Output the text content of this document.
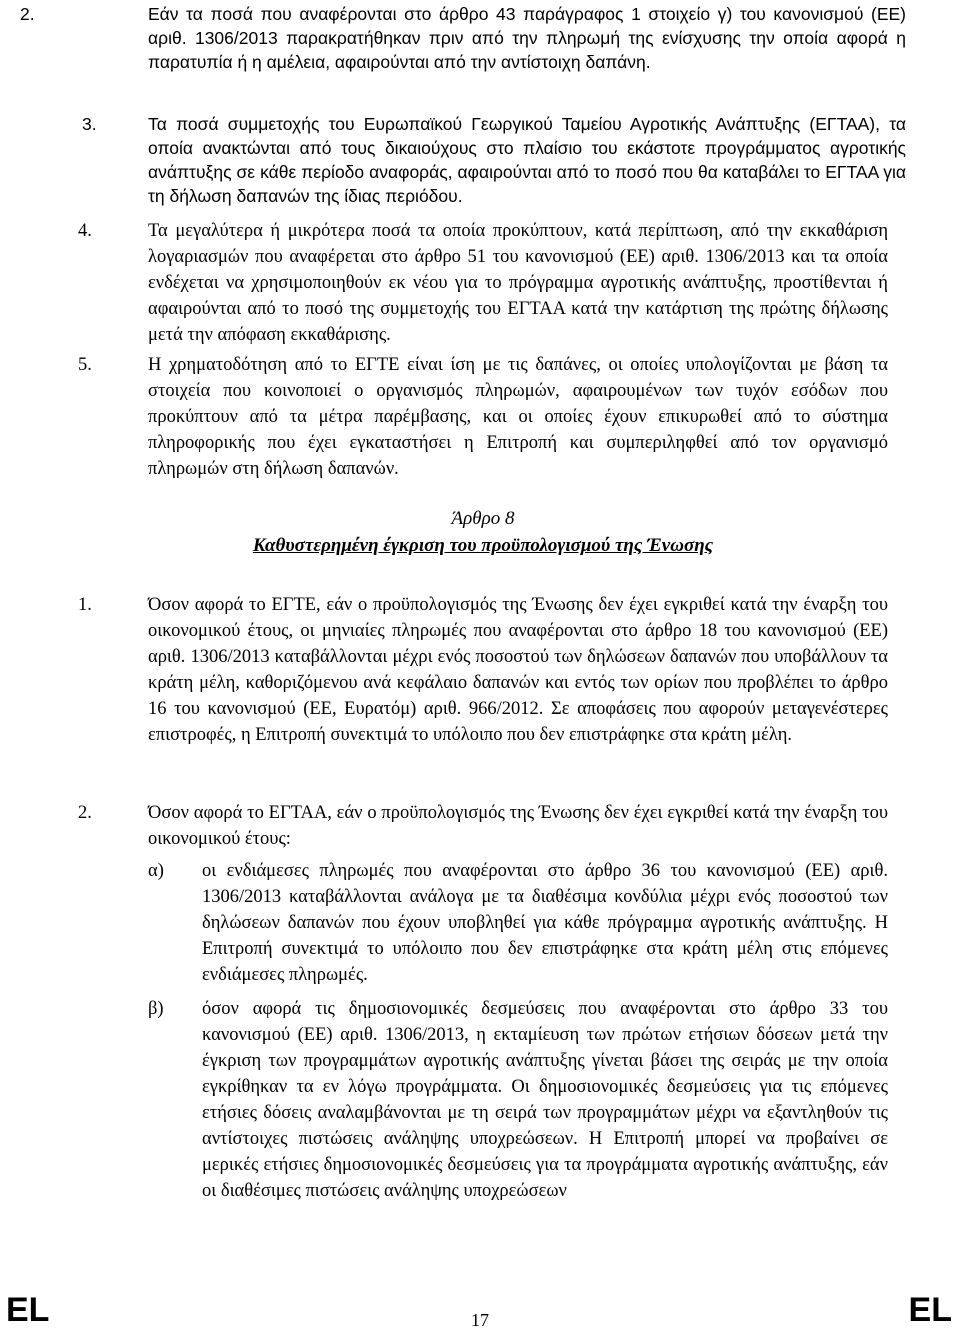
2.	Εάν τα ποσά που αναφέρονται στο άρθρο 43 παράγραφος 1 στοιχείο γ) του κανονισμού (ΕΕ) αριθ. 1306/2013 παρακρατήθηκαν πριν από την πληρωμή της ενίσχυσης την οποία αφορά η παρατυπία ή η αμέλεια, αφαιρούνται από την αντίστοιχη δαπάνη.
3.	Τα ποσά συμμετοχής του Ευρωπαϊκού Γεωργικού Ταμείου Αγροτικής Ανάπτυξης (ΕΓΤΑΑ), τα οποία ανακτώνται από τους δικαιούχους στο πλαίσιο του εκάστοτε προγράμματος αγροτικής ανάπτυξης σε κάθε περίοδο αναφοράς, αφαιρούνται από το ποσό που θα καταβάλει το ΕΓΤΑΑ για τη δήλωση δαπανών της ίδιας περιόδου.
4.	Τα μεγαλύτερα ή μικρότερα ποσά τα οποία προκύπτουν, κατά περίπτωση, από την εκκαθάριση λογαριασμών που αναφέρεται στο άρθρο 51 του κανονισμού (ΕΕ) αριθ. 1306/2013 και τα οποία ενδέχεται να χρησιμοποιηθούν εκ νέου για το πρόγραμμα αγροτικής ανάπτυξης, προστίθενται ή αφαιρούνται από το ποσό της συμμετοχής του ΕΓΤΑΑ κατά την κατάρτιση της πρώτης δήλωσης μετά την απόφαση εκκαθάρισης.
5.	Η χρηματοδότηση από το ΕΓΤΕ είναι ίση με τις δαπάνες, οι οποίες υπολογίζονται με βάση τα στοιχεία που κοινοποιεί ο οργανισμός πληρωμών, αφαιρουμένων των τυχόν εσόδων που προκύπτουν από τα μέτρα παρέμβασης, και οι οποίες έχουν επικυρωθεί από το σύστημα πληροφορικής που έχει εγκαταστήσει η Επιτροπή και συμπεριληφθεί από τον οργανισμό πληρωμών στη δήλωση δαπανών.
Άρθρο 8
Καθυστερημένη έγκριση του προϋπολογισμού της Ένωσης
1.	Όσον αφορά το ΕΓΤΕ, εάν ο προϋπολογισμός της Ένωσης δεν έχει εγκριθεί κατά την έναρξη του οικονομικού έτους, οι μηνιαίες πληρωμές που αναφέρονται στο άρθρο 18 του κανονισμού (ΕΕ) αριθ. 1306/2013 καταβάλλονται μέχρι ενός ποσοστού των δηλώσεων δαπανών που υποβάλλουν τα κράτη μέλη, καθοριζόμενου ανά κεφάλαιο δαπανών και εντός των ορίων που προβλέπει το άρθρο 16 του κανονισμού (ΕΕ, Ευρατόμ) αριθ. 966/2012. Σε αποφάσεις που αφορούν μεταγενέστερες επιστροφές, η Επιτροπή συνεκτιμά το υπόλοιπο που δεν επιστράφηκε στα κράτη μέλη.
2.	Όσον αφορά το ΕΓΤΑΑ, εάν ο προϋπολογισμός της Ένωσης δεν έχει εγκριθεί κατά την έναρξη του οικονομικού έτους:
α) οι ενδιάμεσες πληρωμές που αναφέρονται στο άρθρο 36 του κανονισμού (ΕΕ) αριθ. 1306/2013 καταβάλλονται ανάλογα με τα διαθέσιμα κονδύλια μέχρι ενός ποσοστού των δηλώσεων δαπανών που έχουν υποβληθεί για κάθε πρόγραμμα αγροτικής ανάπτυξης. Η Επιτροπή συνεκτιμά το υπόλοιπο που δεν επιστράφηκε στα κράτη μέλη στις επόμενες ενδιάμεσες πληρωμές.
β) όσον αφορά τις δημοσιονομικές δεσμεύσεις που αναφέρονται στο άρθρο 33 του κανονισμού (ΕΕ) αριθ. 1306/2013, η εκταμίευση των πρώτων ετήσιων δόσεων μετά την έγκριση των προγραμμάτων αγροτικής ανάπτυξης γίνεται βάσει της σειράς με την οποία εγκρίθηκαν τα εν λόγω προγράμματα. Οι δημοσιονομικές δεσμεύσεις για τις επόμενες ετήσιες δόσεις αναλαμβάνονται με τη σειρά των προγραμμάτων μέχρι να εξαντληθούν τις αντίστοιχες πιστώσεις ανάληψης υποχρεώσεων. Η Επιτροπή μπορεί να προβαίνει σε μερικές ετήσιες δημοσιονομικές δεσμεύσεις για τα προγράμματα αγροτικής ανάπτυξης, εάν οι διαθέσιμες πιστώσεις ανάληψης υποχρεώσεων
EL	17	EL
